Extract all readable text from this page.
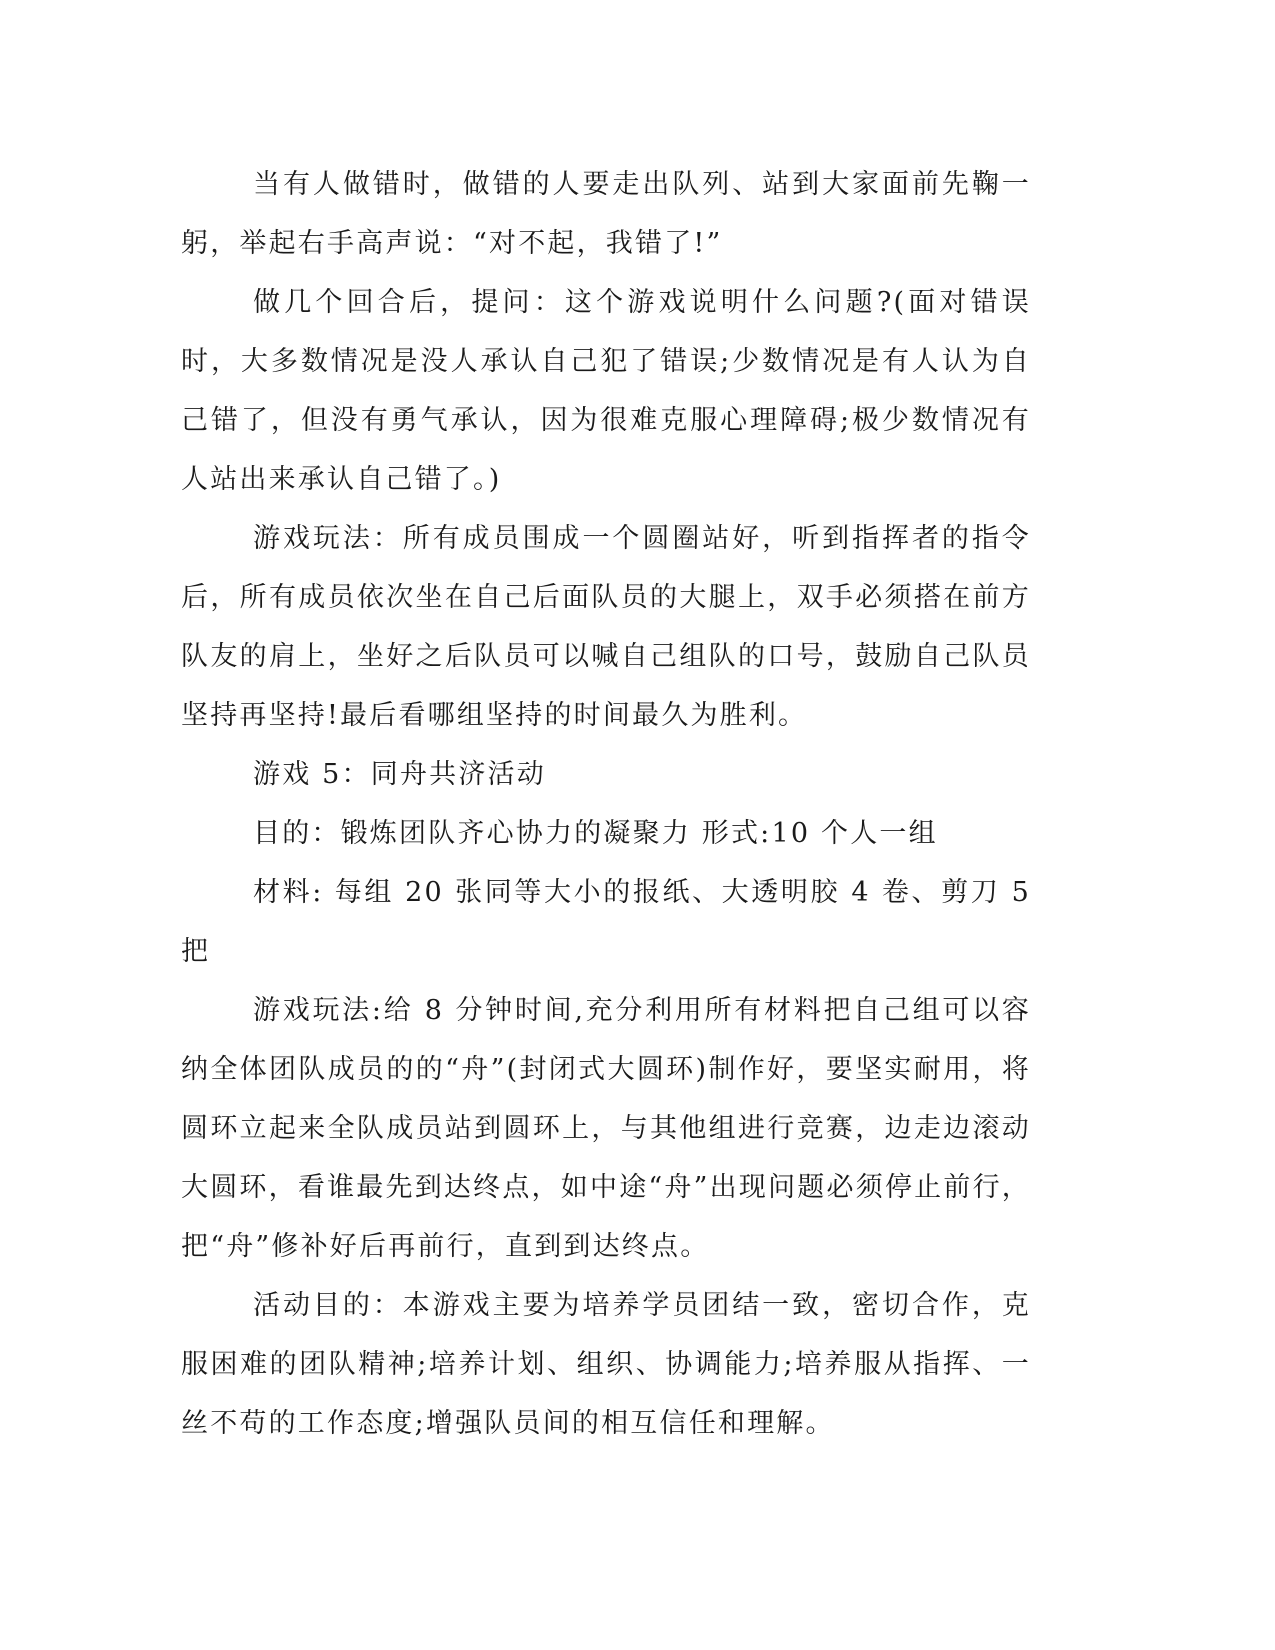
当有人做错时，做错的人要走出队列、站到大家面前先鞠一躬，举起右手高声说：“对不起，我错了!”

做几个回合后，提问：这个游戏说明什么问题?(面对错误时，大多数情况是没人承认自己犯了错误;少数情况是有人认为自己错了，但没有勇气承认，因为很难克服心理障碍;极少数情况有人站出来承认自己错了。)

游戏玩法：所有成员围成一个圆圈站好，听到指挥者的指令后，所有成员依次坐在自己后面队员的大腿上，双手必须搭在前方队友的肩上，坐好之后队员可以喊自己组队的口号，鼓励自己队员坚持再坚持!最后看哪组坚持的时间最久为胜利。

游戏 5：同舟共济活动

目的：锻炼团队齐心协力的凝聚力 形式:10 个人一组

材料: 每组 20 张同等大小的报纸、大透明胶 4 卷、剪刀 5 把

游戏玩法:给 8 分钟时间,充分利用所有材料把自己组可以容纳全体团队成员的的“舟”(封闭式大圆环)制作好，要坚实耐用，将圆环立起来全队成员站到圆环上，与其他组进行竞赛，边走边滚动大圆环，看谁最先到达终点，如中途“舟”出现问题必须停止前行，把“舟”修补好后再前行，直到到达终点。

活动目的：本游戏主要为培养学员团结一致，密切合作，克服困难的团队精神;培养计划、组织、协调能力;培养服从指挥、一丝不苟的工作态度;增强队员间的相互信任和理解。
